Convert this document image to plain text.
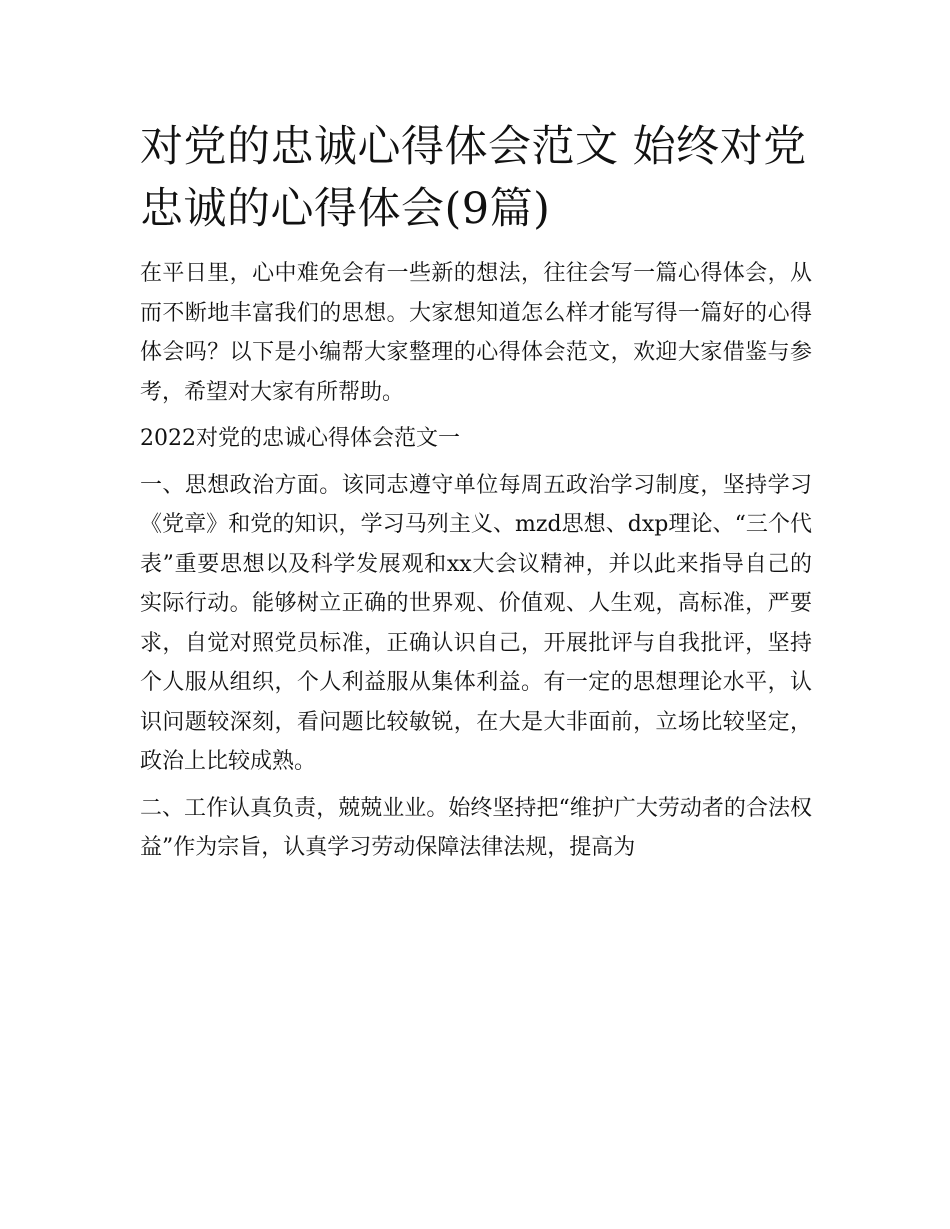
对党的忠诚心得体会范文 始终对党忠诚的心得体会(9篇)

在平日里，心中难免会有一些新的想法，往往会写一篇心得体会，从而不断地丰富我们的思想。大家想知道怎么样才能写得一篇好的心得体会吗？以下是小编帮大家整理的心得体会范文，欢迎大家借鉴与参考，希望对大家有所帮助。

2022对党的忠诚心得体会范文一

一、思想政治方面。该同志遵守单位每周五政治学习制度，坚持学习《党章》和党的知识，学习马列主义、mzd思想、dxp理论、“三个代表”重要思想以及科学发展观和xx大会议精神，并以此来指导自己的实际行动。能够树立正确的世界观、价值观、人生观，高标准，严要求，自觉对照党员标准，正确认识自己，开展批评与自我批评，坚持个人服从组织，个人利益服从集体利益。有一定的思想理论水平，认识问题较深刻，看问题比较敏锐，在大是大非面前，立场比较坚定，政治上比较成熟。

二、工作认真负责，兢兢业业。始终坚持把“维护广大劳动者的合法权益”作为宗旨，认真学习劳动保障法律法规，提高为
